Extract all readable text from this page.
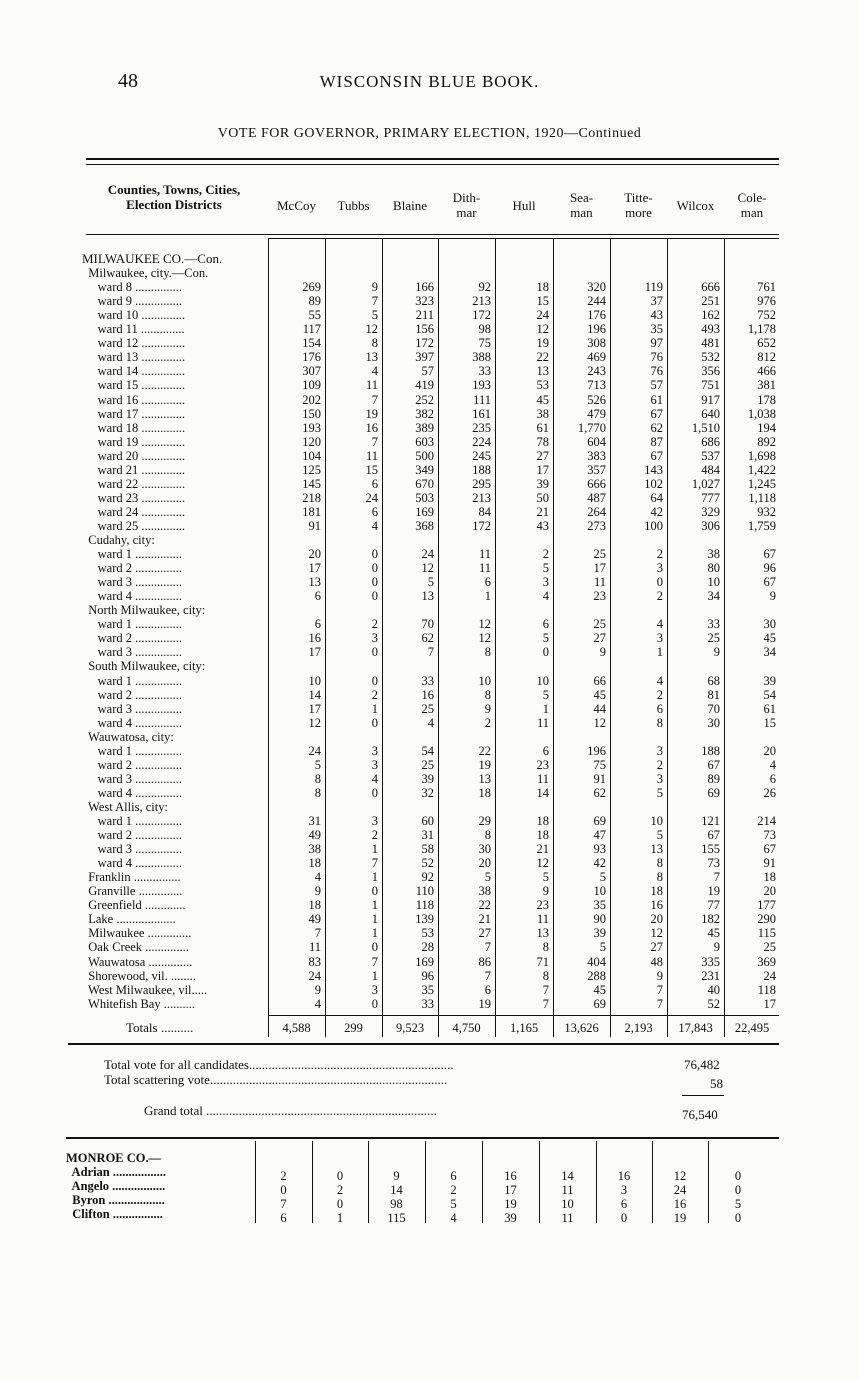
48	WISCONSIN BLUE BOOK.
VOTE FOR GOVERNOR, PRIMARY ELECTION, 1920—Continued
Counties, Towns, Cities,
Election Districts	McCoy	Tubbs	Blaine
Dith-
mar	Hull
Sea-
man
Titte-
more	Wilcox
Cole-
man
MILWAUKEE CO.—Con.
Milwaukee, city.—Con.
ward 8 ...............	269	9	166	92	18	320	119	666	761
ward 9 ...............	89	7	323	213	15	244	37	251	976
ward 10 ..............	55	5	211	172	24	176	43	162	752
ward 11 ..............	117	12	156	98	12	196	35	493	1,178
ward 12 ..............	154	8	172	75	19	308	97	481	652
ward 13 ..............	176	13	397	388	22	469	76	532	812
ward 14 ..............	307	4	57	33	13	243	76	356	466
ward 15 ..............	109	11	419	193	53	713	57	751	381
ward 16 ..............	202	7	252	111	45	526	61	917	178
ward 17 ..............	150	19	382	161	38	479	67	640	1,038
ward 18 ..............	193	16	389	235	61	1,770	62	1,510	194
ward 19 ..............	120	7	603	224	78	604	87	686	892
ward 20 ..............	104	11	500	245	27	383	67	537	1,698
ward 21 ..............	125	15	349	188	17	357	143	484	1,422
ward 22 ..............	145	6	670	295	39	666	102	1,027	1,245
ward 23 ..............	218	24	503	213	50	487	64	777	1,118
ward 24 ..............	181	6	169	84	21	264	42	329	932
ward 25 ..............	91	4	368	172	43	273	100	306	1,759
Cudahy, city:
ward 1 ...............	20	0	24	11	2	25	2	38	67
ward 2 ...............	17	0	12	11	5	17	3	80	96
ward 3 ...............	13	0	5	6	3	11	0	10	67
ward 4 ...............	6	0	13	1	4	23	2	34	9
North Milwaukee, city:
ward 1 ...............	6	2	70	12	6	25	4	33	30
ward 2 ...............	16	3	62	12	5	27	3	25	45
ward 3 ...............	17	0	7	8	0	9	1	9	34
South Milwaukee, city:
ward 1 ...............	10	0	33	10	10	66	4	68	39
ward 2 ...............	14	2	16	8	5	45	2	81	54
ward 3 ...............	17	1	25	9	1	44	6	70	61
ward 4 ...............	12	0	4	2	11	12	8	30	15
Wauwatosa, city:
ward 1 ...............	24	3	54	22	6	196	3	188	20
ward 2 ...............	5	3	25	19	23	75	2	67	4
ward 3 ...............	8	4	39	13	11	91	3	89	6
ward 4 ...............	8	0	32	18	14	62	5	69	26
West Allis, city:
ward 1 ...............	31	3	60	29	18	69	10	121	214
ward 2 ...............	49	2	31	8	18	47	5	67	73
ward 3 ...............	38	1	58	30	21	93	13	155	67
ward 4 ...............	18	7	52	20	12	42	8	73	91
Franklin ...............	4	1	92	5	5	5	8	7	18
Granville ..............	9	0	110	38	9	10	18	19	20
Greenfield .............	18	1	118	22	23	35	16	77	177
Lake ...................	49	1	139	21	11	90	20	182	290
Milwaukee ..............	7	1	53	27	13	39	12	45	115
Oak Creek ..............	11	0	28	7	8	5	27	9	25
Wauwatosa ..............	83	7	169	86	71	404	48	335	369
Shorewood, vil. ........	24	1	96	7	8	288	9	231	24
West Milwaukee, vil.....	9	3	35	6	7	45	7	40	118
Whitefish Bay ..........	4	0	33	19	7	69	7	52	17
Totals ..........	4,588	299	9,523	4,750	1,165	13,626	2,193	17,843	22,495
Total vote for all candidates...............................................................	76,482
Total scattering vote.........................................................................	58
Grand total .......................................................................	76,540
MONROE CO.—
Adrian .................	2	0	9	6	16	14	16	12	0
Angelo .................	0	2	14	2	17	11	3	24	0
Byron ..................	7	0	98	5	19	10	6	16	5
Clifton ................	6	1	115	4	39	11	0	19	0
